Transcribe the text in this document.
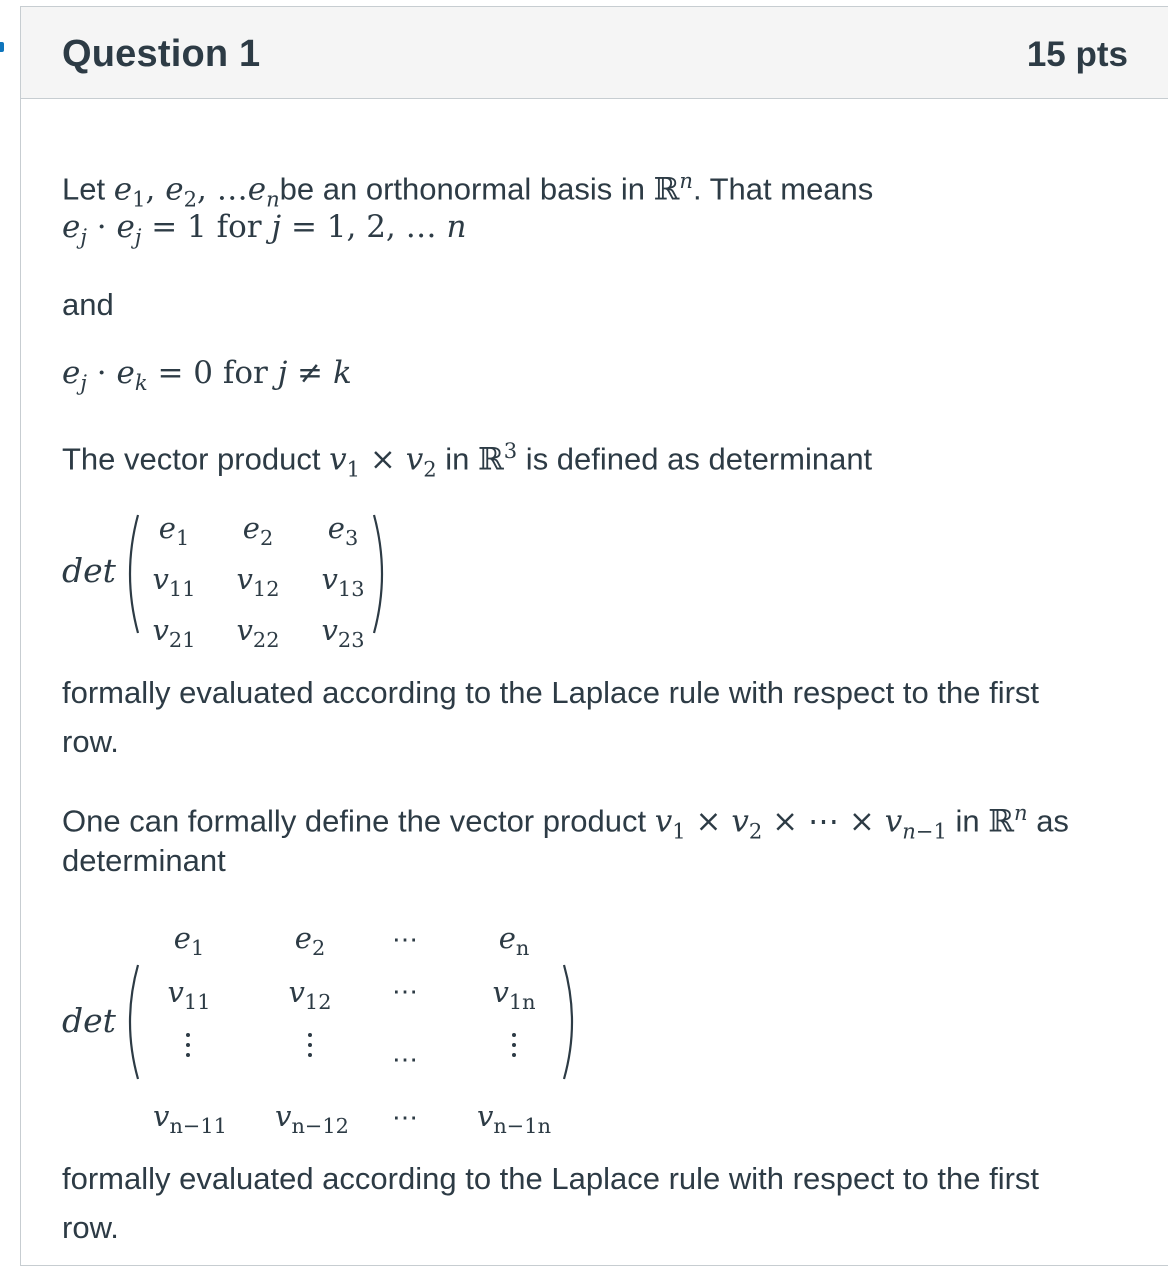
Question 1	15 pts

Let $e_1$, $e_2$, $\dots e_nbe$ an orthonormal basis in ℝ$^n$. That means

$e_j \cdot e_j = 1$ for j = 1, 2, … n

and

$e_j \cdot e_k = 0$ for j ≠ k

The vector product $v_1 \times v_2$ in ℝ$^3$ is defined as determinant

det
$e_1$ $e_2$ $e_3$
$v_{11}$ $v_{12}$ $v_{13}$
$v_{21}$ $v_{22}$ $v_{23}$

formally evaluated according to the Laplace rule with respect to the first

row.

One can formally define the vector product $v_1 \times v_2$ × ⋯ × $v_{n-1}$ in ℝ$^n$ as

determinant

det
$e_1$	$e_2$	⋯	$e_n$
$v_{11}$	$v_{12}$	⋯	$v_{1n}$
⋯
$v_{n-11}$	$v_{n-12}$	⋯	$v_{n-1n}$

formally evaluated according to the Laplace rule with respect to the first

row.
